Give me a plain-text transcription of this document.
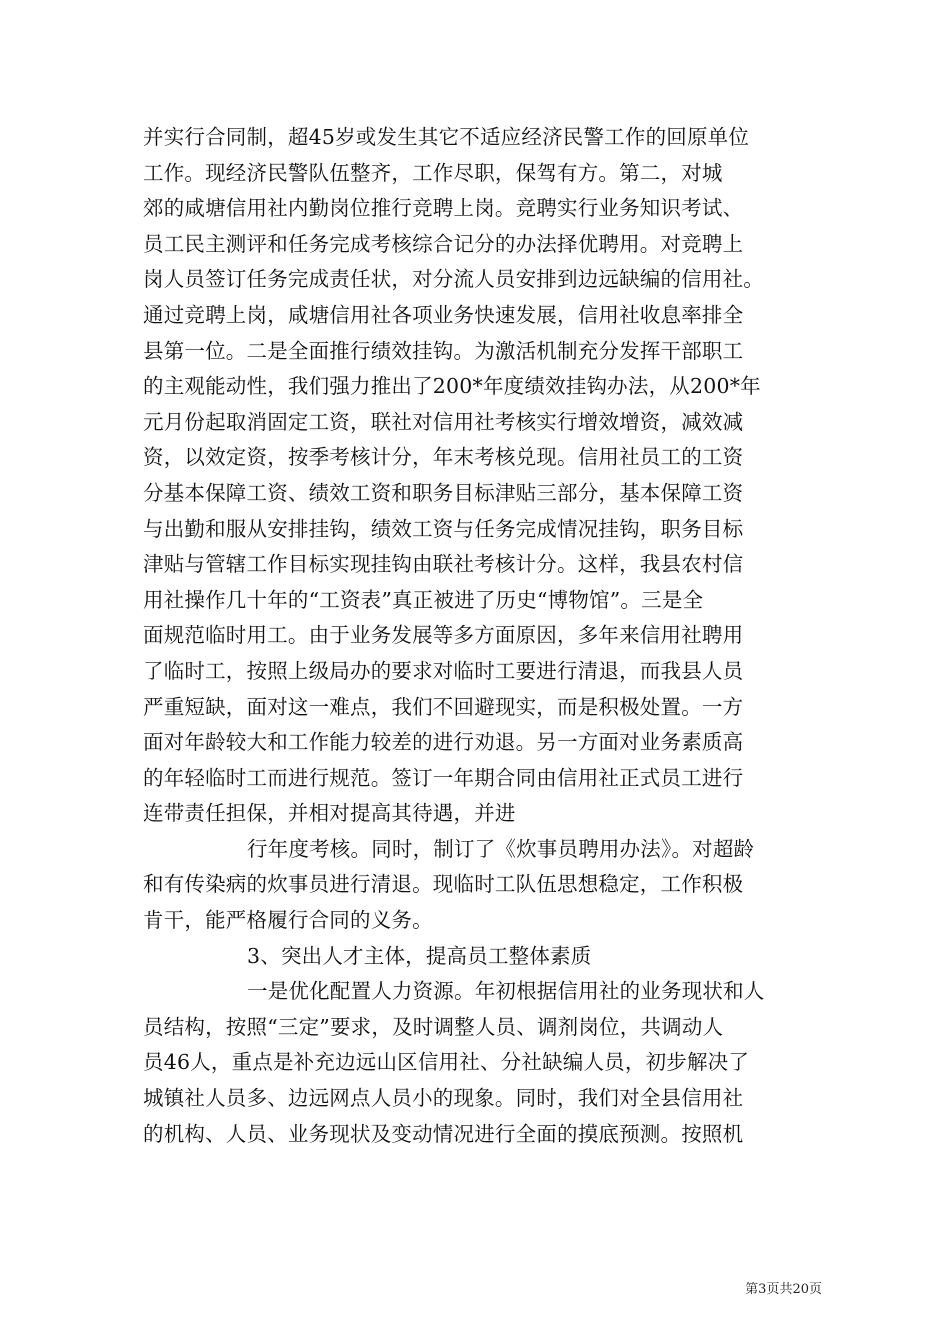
并实行合同制，超45岁或发生其它不适应经济民警工作的回原单位
工作。现经济民警队伍整齐，工作尽职，保驾有方。第二，对城
郊的咸塘信用社内勤岗位推行竞聘上岗。竞聘实行业务知识考试、
员工民主测评和任务完成考核综合记分的办法择优聘用。对竞聘上
岗人员签订任务完成责任状，对分流人员安排到边远缺编的信用社。
通过竞聘上岗，咸塘信用社各项业务快速发展，信用社收息率排全
县第一位。二是全面推行绩效挂钩。为激活机制充分发挥干部职工
的主观能动性，我们强力推出了200*年度绩效挂钩办法，从200*年
元月份起取消固定工资，联社对信用社考核实行增效增资，减效减
资，以效定资，按季考核计分，年末考核兑现。信用社员工的工资
分基本保障工资、绩效工资和职务目标津贴三部分，基本保障工资
与出勤和服从安排挂钩，绩效工资与任务完成情况挂钩，职务目标
津贴与管辖工作目标实现挂钩由联社考核计分。这样，我县农村信
用社操作几十年的“工资表”真正被进了历史“博物馆”。三是全
面规范临时用工。由于业务发展等多方面原因，多年来信用社聘用
了临时工，按照上级局办的要求对临时工要进行清退，而我县人员
严重短缺，面对这一难点，我们不回避现实，而是积极处置。一方
面对年龄较大和工作能力较差的进行劝退。另一方面对业务素质高
的年轻临时工而进行规范。签订一年期合同由信用社正式员工进行
连带责任担保，并相对提高其待遇，并进
行年度考核。同时，制订了《炊事员聘用办法》。对超龄
和有传染病的炊事员进行清退。现临时工队伍思想稳定，工作积极
肯干，能严格履行合同的义务。
3、突出人才主体，提高员工整体素质
一是优化配置人力资源。年初根据信用社的业务现状和人
员结构，按照“三定”要求，及时调整人员、调剂岗位，共调动人
员46人，重点是补充边远山区信用社、分社缺编人员，初步解决了
城镇社人员多、边远网点人员小的现象。同时，我们对全县信用社
的机构、人员、业务现状及变动情况进行全面的摸底预测。按照机
第3页共20页
